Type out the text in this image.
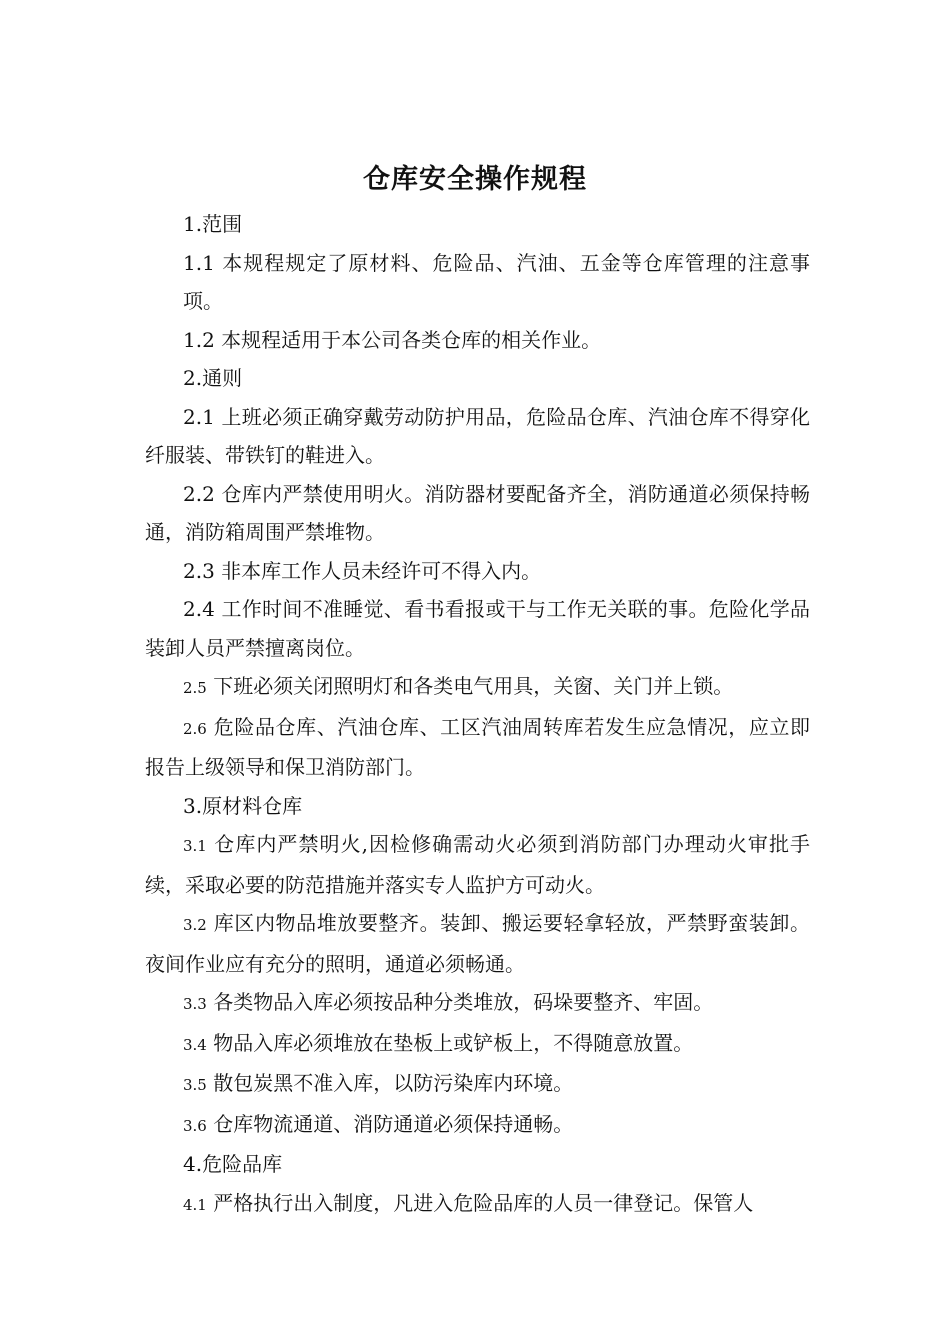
仓库安全操作规程

1.范围

1.1 本规程规定了原材料、危险品、汽油、五金等仓库管理的注意事项。

1.2 本规程适用于本公司各类仓库的相关作业。

2.通则

2.1 上班必须正确穿戴劳动防护用品，危险品仓库、汽油仓库不得穿化纤服装、带铁钉的鞋进入。

2.2 仓库内严禁使用明火。消防器材要配备齐全，消防通道必须保持畅通，消防箱周围严禁堆物。

2.3 非本库工作人员未经许可不得入内。

2.4 工作时间不准睡觉、看书看报或干与工作无关联的事。危险化学品装卸人员严禁擅离岗位。

2.5 下班必须关闭照明灯和各类电气用具，关窗、关门并上锁。

2.6 危险品仓库、汽油仓库、工区汽油周转库若发生应急情况，应立即报告上级领导和保卫消防部门。

3.原材料仓库

3.1 仓库内严禁明火,因检修确需动火必须到消防部门办理动火审批手续，采取必要的防范措施并落实专人监护方可动火。

3.2 库区内物品堆放要整齐。装卸、搬运要轻拿轻放，严禁野蛮装卸。夜间作业应有充分的照明，通道必须畅通。

3.3 各类物品入库必须按品种分类堆放，码垛要整齐、牢固。

3.4 物品入库必须堆放在垫板上或铲板上，不得随意放置。

3.5 散包炭黑不准入库，以防污染库内环境。

3.6 仓库物流通道、消防通道必须保持通畅。

4.危险品库

4.1 严格执行出入制度，凡进入危险品库的人员一律登记。保管人
